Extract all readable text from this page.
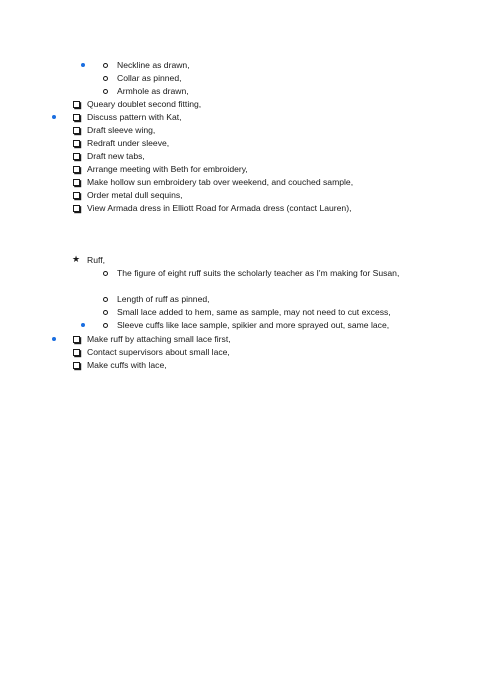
Neckline as drawn,
Collar as pinned,
Armhole as drawn,
Queary doublet second fitting,
Discuss pattern with Kat,
Draft sleeve wing,
Redraft under sleeve,
Draft new tabs,
Arrange meeting with Beth for embroidery,
Make hollow sun embroidery tab over weekend, and couched sample,
Order metal dull sequins,
View Armada dress in Elliott Road for Armada dress (contact Lauren),
★ Ruff,
The figure of eight ruff suits the scholarly teacher as I'm making for Susan,
Length of ruff as pinned,
Small lace added to hem, same as sample, may not need to cut excess,
Sleeve cuffs like lace sample, spikier and more sprayed out, same lace,
Make ruff by attaching small lace first,
Contact supervisors about small lace,
Make cuffs with lace,
